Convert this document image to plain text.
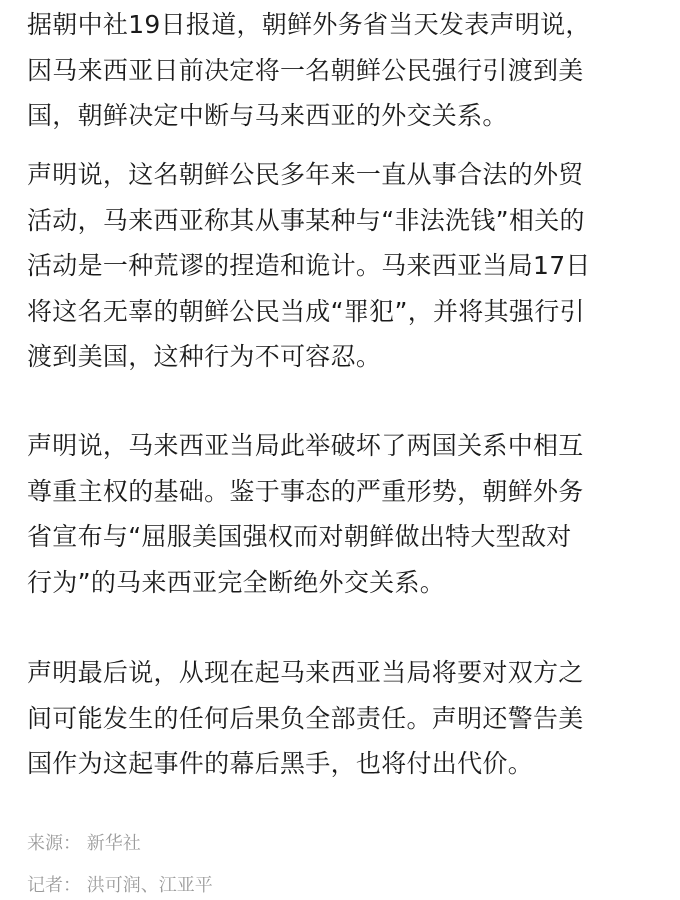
据朝中社19日报道，朝鲜外务省当天发表声明说，
因马来西亚日前决定将一名朝鲜公民强行引渡到美
国，朝鲜决定中断与马来西亚的外交关系。

声明说，这名朝鲜公民多年来一直从事合法的外贸
活动，马来西亚称其从事某种与“非法洗钱”相关的
活动是一种荒谬的捏造和诡计。马来西亚当局17日
将这名无辜的朝鲜公民当成“罪犯”，并将其强行引
渡到美国，这种行为不可容忍。

声明说，马来西亚当局此举破坏了两国关系中相互
尊重主权的基础。鉴于事态的严重形势，朝鲜外务
省宣布与“屈服美国强权而对朝鲜做出特大型敌对
行为”的马来西亚完全断绝外交关系。

声明最后说，从现在起马来西亚当局将要对双方之
间可能发生的任何后果负全部责任。声明还警告美
国作为这起事件的幕后黑手，也将付出代价。

来源： 新华社

记者： 洪可润、江亚平
